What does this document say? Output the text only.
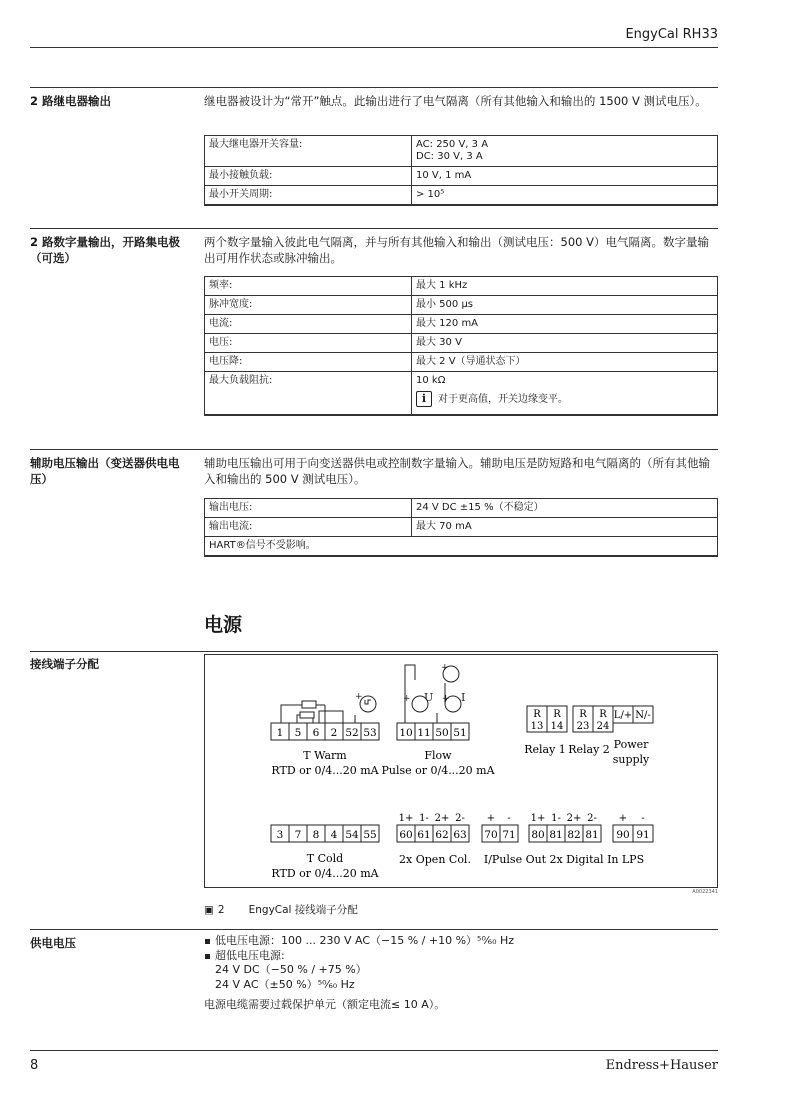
EngyCal RH33
2 路继电器输出	继电器被设计为“常开”触点。此输出进行了电气隔离（所有其他输入和输出的 1500 V 测试电压）。
最大继电器开关容量:	AC: 250 V, 3 A
DC: 30 V, 3 A

最小接触负载:	10 V, 1 mA
最小开关周期:	> 10⁵
2 路数字量输出，开路集电极（可选）
两个数字量输入彼此电气隔离，并与所有其他输入和输出（测试电压：500 V）电气隔离。数字量输出可用作状态或脉冲输出。
频率:	最大 1 kHz
脉冲宽度:	最小 500 µs
电流:	最大 120 mA
电压:	最大 30 V
电压降:	最大 2 V（导通状态下）
最大负载阻抗:	10 kΩ
i 对于更高值，开关边缘变平。
辅助电压输出（变送器供电电压）
辅助电压输出可用于向变送器供电或控制数字量输入。辅助电压是防短路和电气隔离的（所有其他输入和输出的 500 V 测试电压）。
输出电压:	24 V DC ±15 %（不稳定）
输出电流:	最大 70 mA
HART®信号不受影响。	
电源
接线端子分配
+	+ U + I
+
1 5 6 2 52 53 10 11 50 51
T Warm
RTD or 0/4...20 mA
Flow
Pulse or 0/4...20 mA
R
13
R
14
R
23
R
24
Relay 1 Relay 2
L/+ N/-
Power
supply
3 7 8 4 54 55 60
1+
61
1-
62
2+
63
2-
70
+
71
-
80
1+
81
1-
82
2+
81
2-
90
+
91
-
T Cold
RTD or 0/4...20 mA
2x Open Col. I/Pulse Out 2x Digital In LPS
A0022341
▣ 2 EngyCal 接线端子分配
供电电压	低电压电源：100 ... 230 V AC（−15 % / +10 %）⁵⁰⁄₆₀ Hz
超低电压电源:
24 V DC（−50 % / +75 %）
24 V AC（±50 %）⁵⁰⁄₆₀ Hz
电源电缆需要过载保护单元（额定电流≤ 10 A）。
8	Endress+Hauser
